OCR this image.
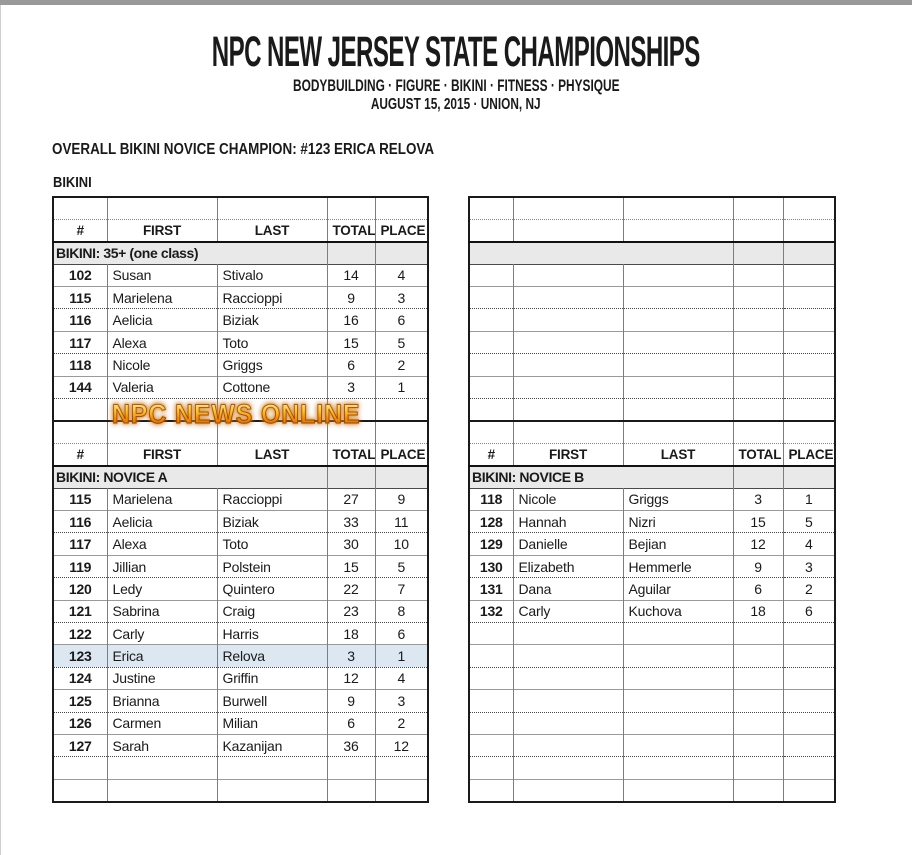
NPC NEW JERSEY STATE CHAMPIONSHIPS
BODYBUILDING · FIGURE · BIKINI · FITNESS · PHYSIQUE
AUGUST 15, 2015 · UNION, NJ
OVERALL BIKINI NOVICE CHAMPION: #123 ERICA RELOVA
BIKINI

#	FIRST	LAST	TOTAL	PLACE
BIKINI: 35+ (one class)				
102	Susan	Stivalo	14	4
115	Marielena	Raccioppi	9	3
116	Aelicia	Biziak	16	6
117	Alexa	Toto	15	5
118	Nicole	Griggs	6	2
144	Valeria	Cottone	3	1

#	FIRST	LAST	TOTAL	PLACE
BIKINI: NOVICE A				
115	Marielena	Raccioppi	27	9
116	Aelicia	Biziak	33	11
117	Alexa	Toto	30	10
119	Jillian	Polstein	15	5
120	Ledy	Quintero	22	7
121	Sabrina	Craig	23	8
122	Carly	Harris	18	6
123	Erica	Relova	3	1
124	Justine	Griffin	12	4
125	Brianna	Burwell	9	3
126	Carmen	Milian	6	2
127	Sarah	Kazanijan	36	12

#	FIRST	LAST	TOTAL	PLACE
BIKINI: NOVICE B				
118	Nicole	Griggs	3	1
128	Hannah	Nizri	15	5
129	Danielle	Bejian	12	4
130	Elizabeth	Hemmerle	9	3
131	Dana	Aguilar	6	2
132	Carly	Kuchova	18	6

NPC NEWS ONLINE
